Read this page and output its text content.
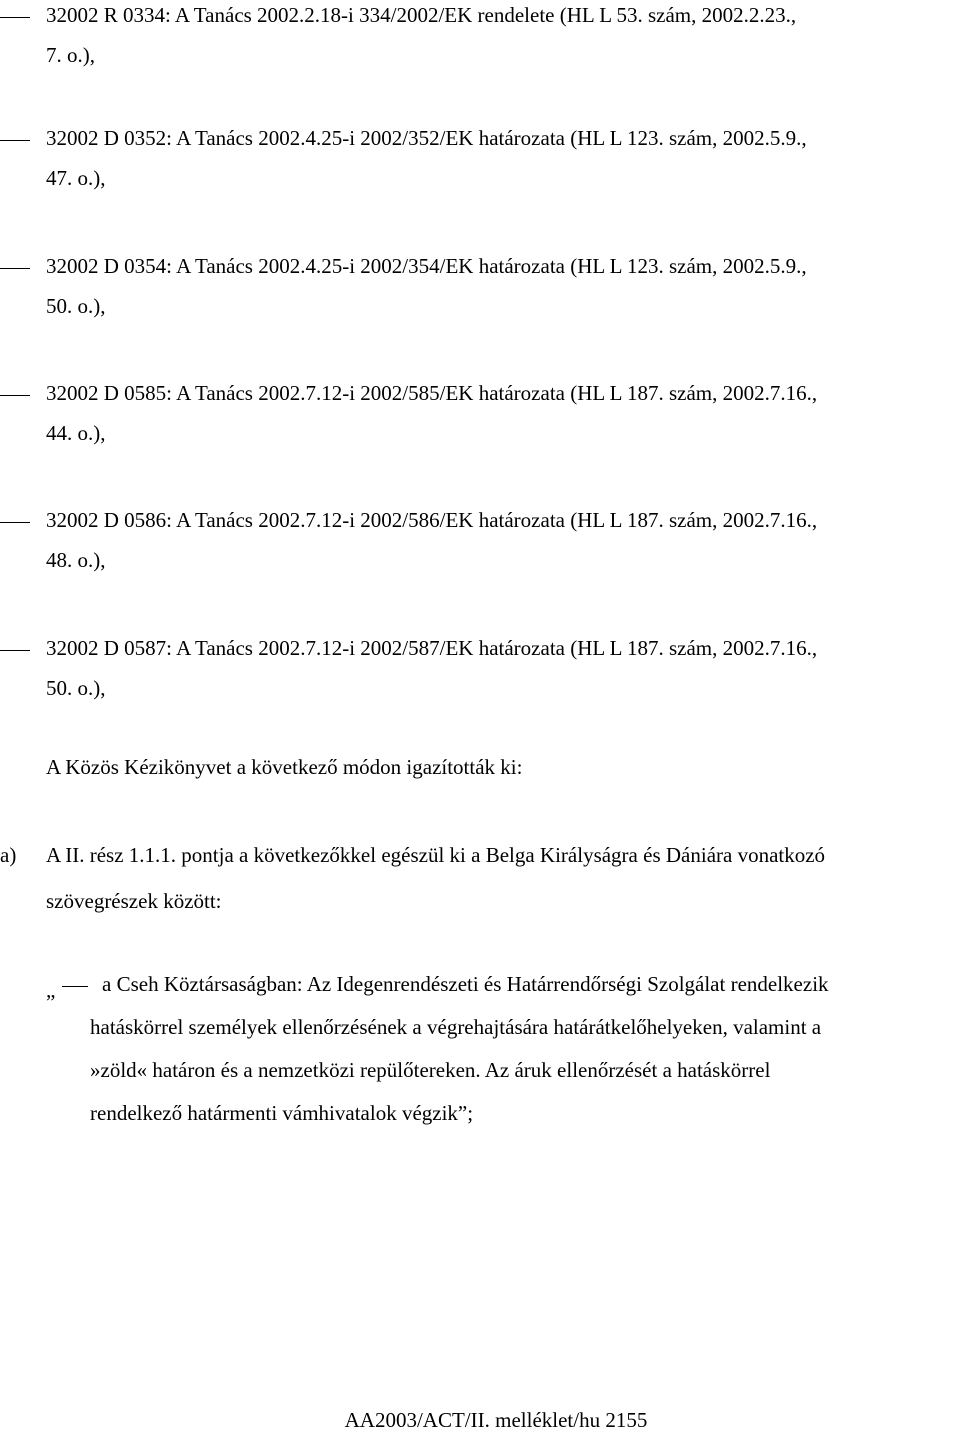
32002 R 0334: A Tanács 2002.2.18-i 334/2002/EK rendelete (HL L 53. szám, 2002.2.23.,
7. o.),
32002 D 0352: A Tanács 2002.4.25-i 2002/352/EK határozata (HL L 123. szám, 2002.5.9.,
47. o.),
32002 D 0354: A Tanács 2002.4.25-i 2002/354/EK határozata (HL L 123. szám, 2002.5.9.,
50. o.),
32002 D 0585: A Tanács 2002.7.12-i 2002/585/EK határozata (HL L 187. szám, 2002.7.16.,
44. o.),
32002 D 0586: A Tanács 2002.7.12-i 2002/586/EK határozata (HL L 187. szám, 2002.7.16.,
48. o.),
32002 D 0587: A Tanács 2002.7.12-i 2002/587/EK határozata (HL L 187. szám, 2002.7.16.,
50. o.),
A Közös Kézikönyvet a következő módon igazították ki:
a) A II. rész 1.1.1. pontja a következőkkel egészül ki a Belga Királyságra és Dániára vonatkozó
szövegrészek között:
„ a Cseh Köztársaságban: Az Idegenrendészeti és Határrendőrségi Szolgálat rendelkezik
hatáskörrel személyek ellenőrzésének a végrehajtására határátkelőhelyeken, valamint a
»zöld« határon és a nemzetközi repülőtereken. Az áruk ellenőrzését a hatáskörrel
rendelkező határmenti vámhivatalok végzik”;
AA2003/ACT/II. melléklet/hu 2155
